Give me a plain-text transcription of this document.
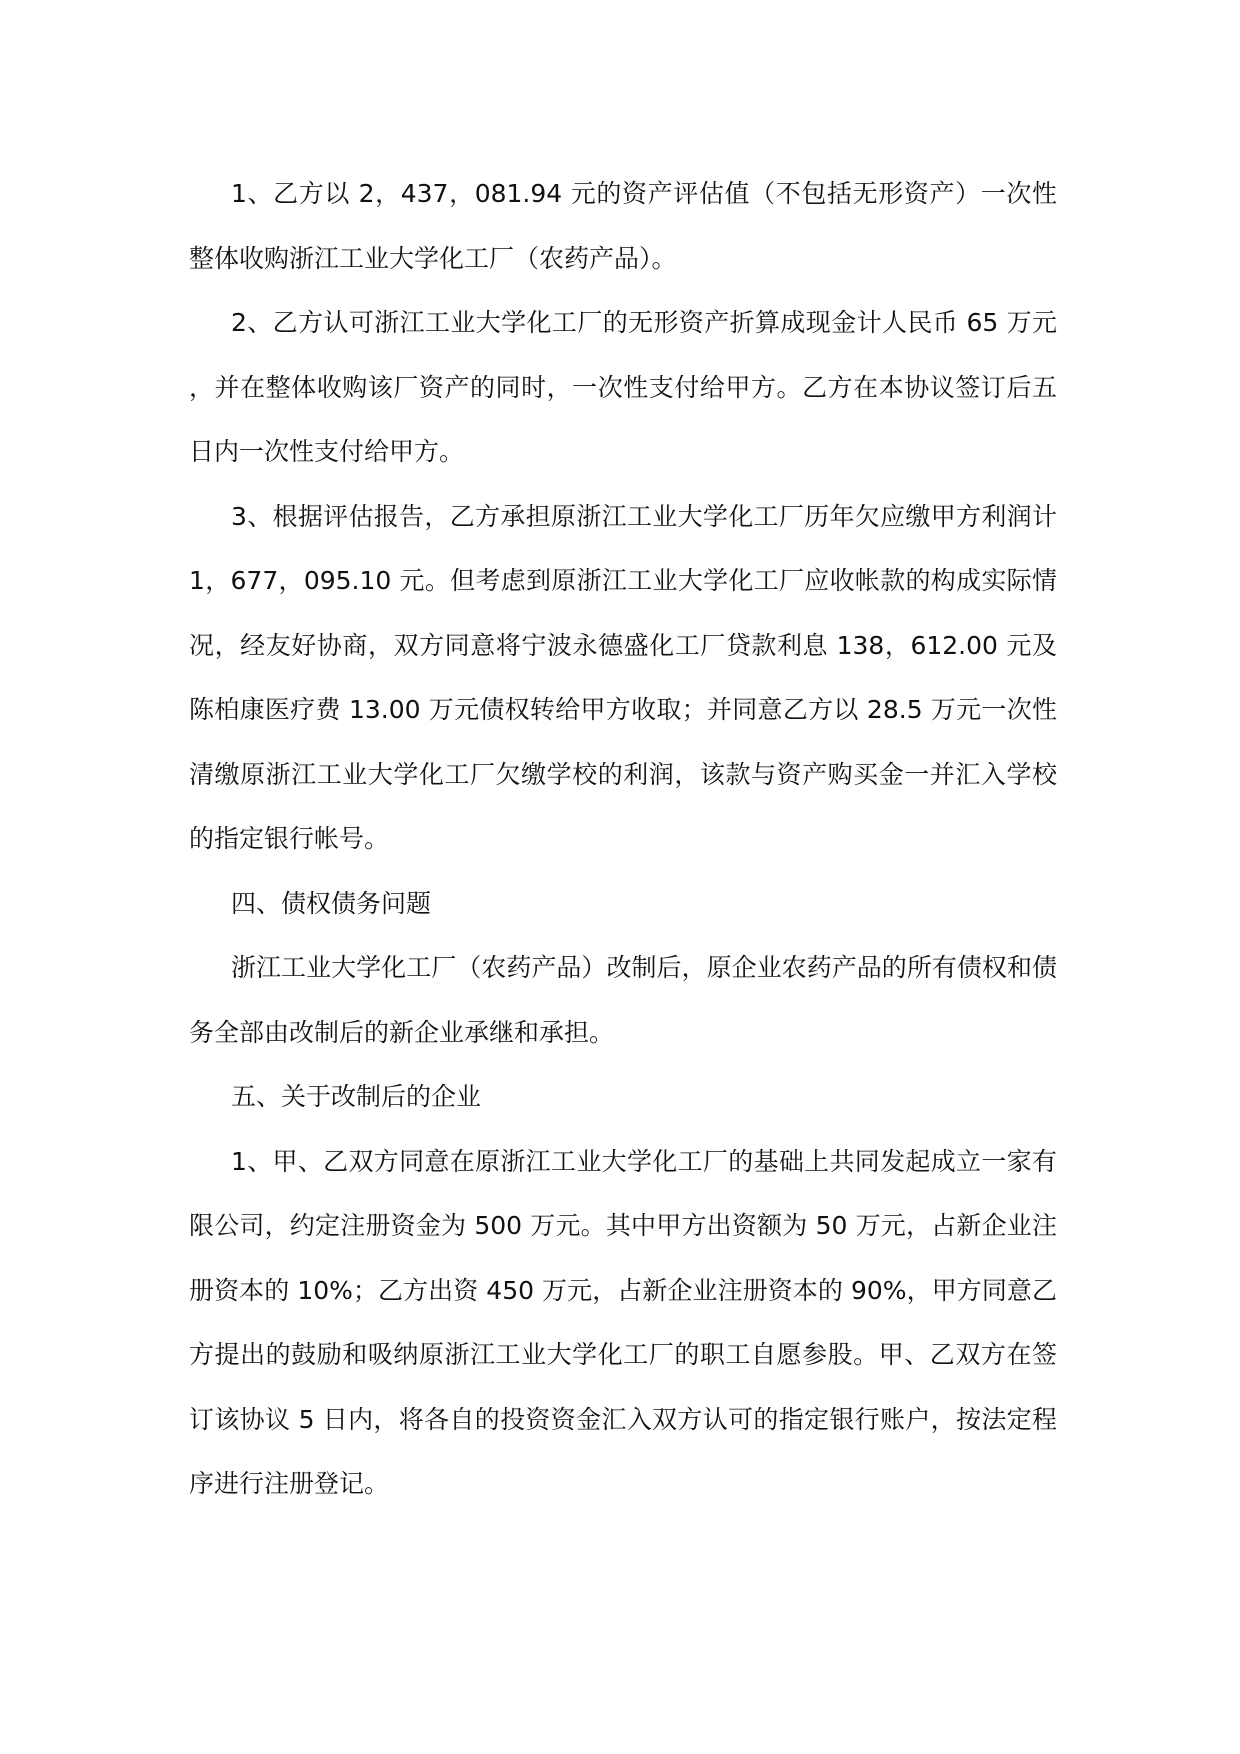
1、乙方以 2，437，081.94 元的资产评估值（不包括无形资产）一次性整体收购浙江工业大学化工厂（农药产品）。

2、乙方认可浙江工业大学化工厂的无形资产折算成现金计人民币 65 万元，并在整体收购该厂资产的同时，一次性支付给甲方。乙方在本协议签订后五日内一次性支付给甲方。

3、根据评估报告，乙方承担原浙江工业大学化工厂历年欠应缴甲方利润计 1，677，095.10 元。但考虑到原浙江工业大学化工厂应收帐款的构成实际情况，经友好协商，双方同意将宁波永德盛化工厂贷款利息 138，612.00 元及陈柏康医疗费 13.00 万元债权转给甲方收取；并同意乙方以 28.5 万元一次性清缴原浙江工业大学化工厂欠缴学校的利润，该款与资产购买金一并汇入学校的指定银行帐号。

四、债权债务问题

浙江工业大学化工厂（农药产品）改制后，原企业农药产品的所有债权和债务全部由改制后的新企业承继和承担。

五、关于改制后的企业

1、甲、乙双方同意在原浙江工业大学化工厂的基础上共同发起成立一家有限公司，约定注册资金为 500 万元。其中甲方出资额为 50 万元，占新企业注册资本的 10%；乙方出资 450 万元，占新企业注册资本的 90%，甲方同意乙方提出的鼓励和吸纳原浙江工业大学化工厂的职工自愿参股。甲、乙双方在签订该协议 5 日内，将各自的投资资金汇入双方认可的指定银行账户，按法定程序进行注册登记。
